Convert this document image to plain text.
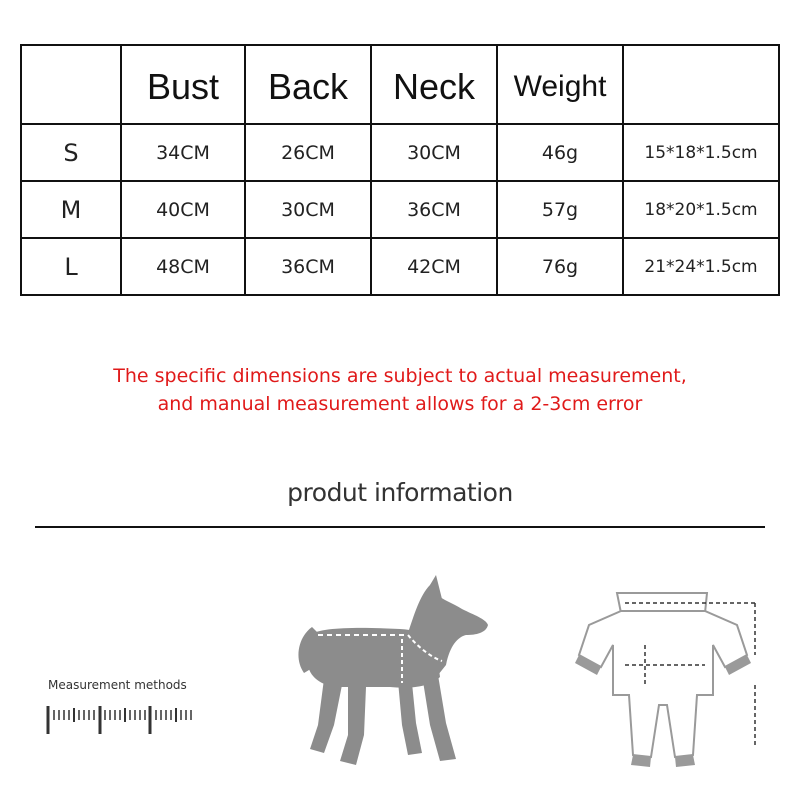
	Bust	Back	Neck	Weight	
S	34CM	26CM	30CM	46g	15*18*1.5cm
M	40CM	30CM	36CM	57g	18*20*1.5cm
L	48CM	36CM	42CM	76g	21*24*1.5cm
The specific dimensions are subject to actual measurement,
and manual measurement allows for a 2-3cm error
produt information
Measurement methods
